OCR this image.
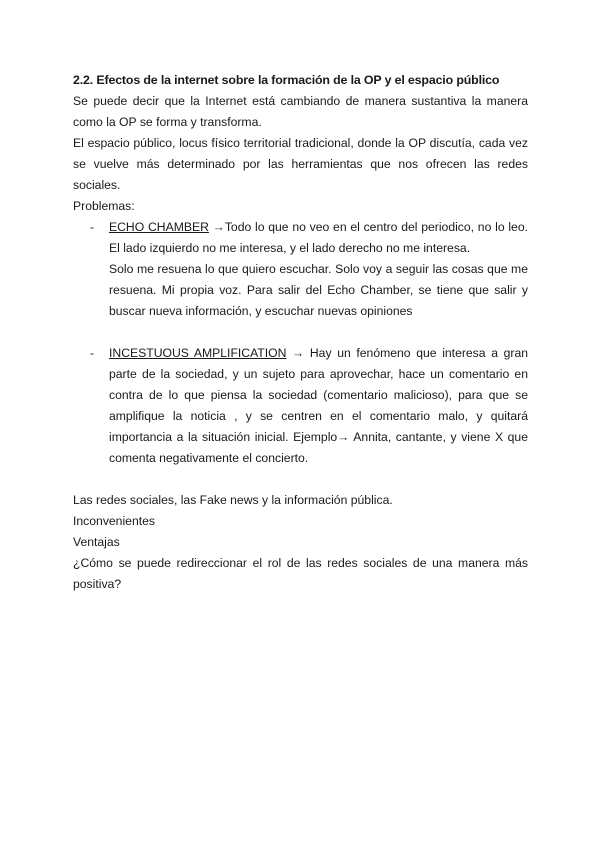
2.2. Efectos de la internet sobre la formación de la OP y el espacio público

Se puede decir que la Internet está cambiando de manera sustantiva la manera como la OP se forma y transforma.

El espacio público, locus físico territorial tradicional, donde la OP discutía, cada vez se vuelve más determinado por las herramientas que nos ofrecen las redes sociales.

Problemas:

- ECHO CHAMBER →Todo lo que no veo en el centro del periodico, no lo leo. El lado izquierdo no me interesa, y el lado derecho no me interesa.

Solo me resuena lo que quiero escuchar. Solo voy a seguir las cosas que me resuena. Mi propia voz. Para salir del Echo Chamber, se tiene que salir y buscar nueva información, y escuchar nuevas opiniones

- INCESTUOUS AMPLIFICATION → Hay un fenómeno que interesa a gran parte de la sociedad, y un sujeto para aprovechar, hace un comentario en contra de lo que piensa la sociedad (comentario malicioso), para que se amplifique la noticia , y se centren en el comentario malo, y quitará importancia a la situación inicial. Ejemplo→ Annita, cantante, y viene X que comenta negativamente el concierto.

Las redes sociales, las Fake news y la información pública.

Inconvenientes

Ventajas

¿Cómo se puede redireccionar el rol de las redes sociales de una manera más positiva?
